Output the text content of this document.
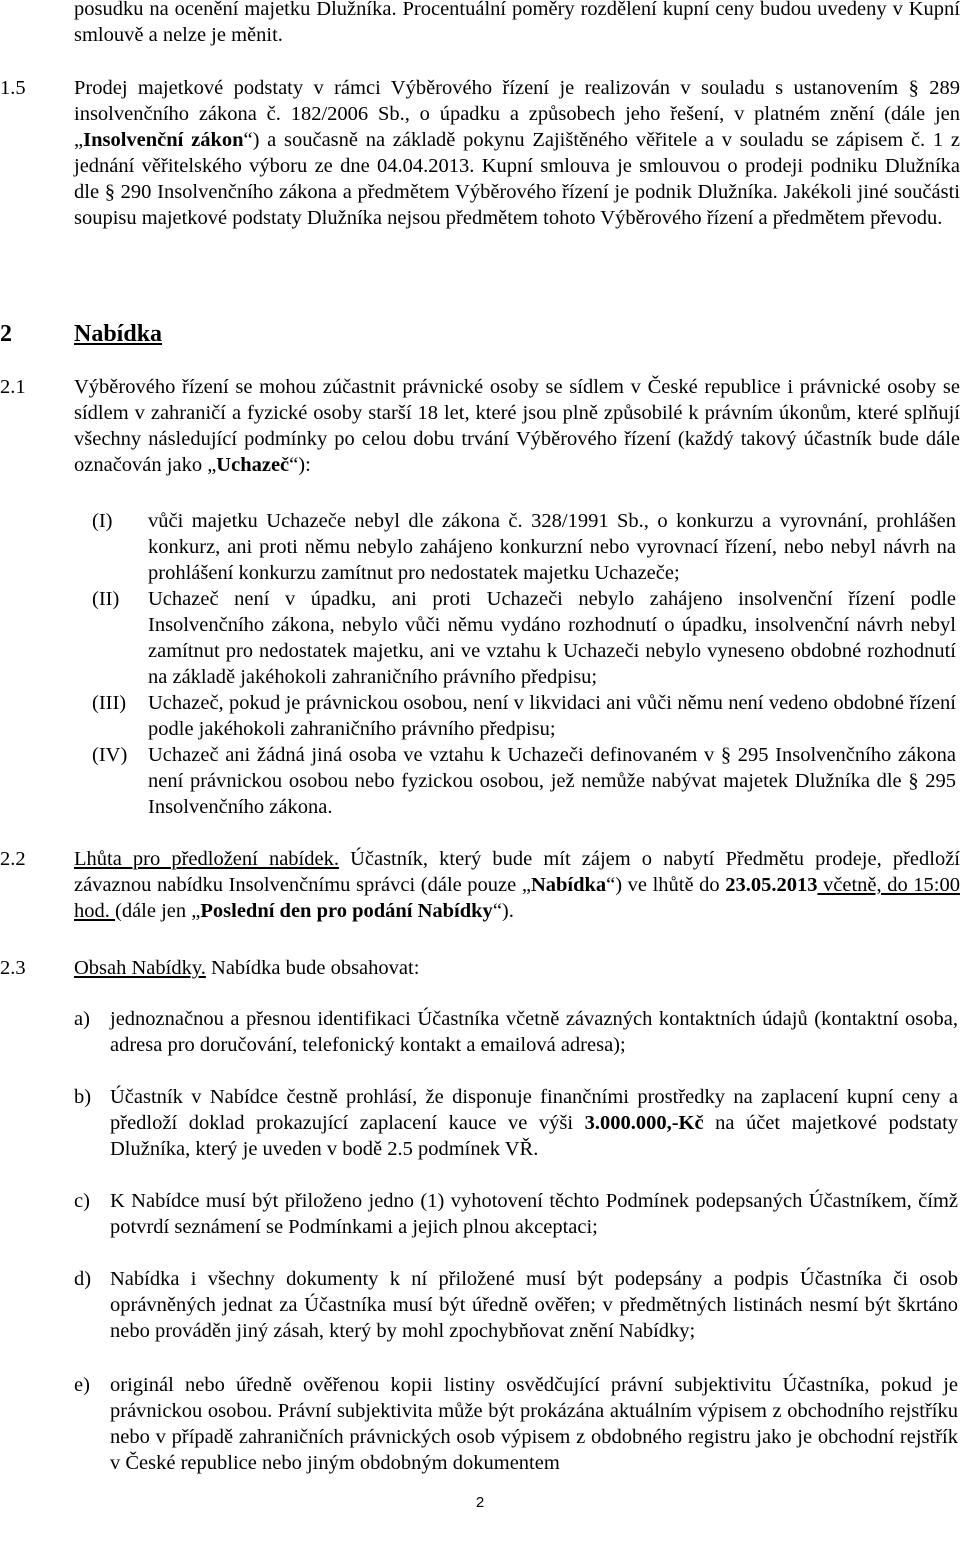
posudku na ocenění majetku Dlužníka. Procentuální poměry rozdělení kupní ceny budou uvedeny v Kupní smlouvě a nelze je měnit.
1.5 Prodej majetkové podstaty v rámci Výběrového řízení je realizován v souladu s ustanovením § 289 insolvenčního zákona č. 182/2006 Sb., o úpadku a způsobech jeho řešení, v platném znění (dále jen „Insolvenční zákon“) a současně na základě pokynu Zajištěného věřitele a v souladu se zápisem č. 1 z jednání věřitelského výboru ze dne 04.04.2013. Kupní smlouva je smlouvou o prodeji podniku Dlužníka dle § 290 Insolvenčního zákona a předmětem Výběrového řízení je podnik Dlužníka. Jakékoli jiné součásti soupisu majetkové podstaty Dlužníka nejsou předmětem tohoto Výběrového řízení a předmětem převodu.
2	Nabídka
2.1 Výběrového řízení se mohou zúčastnit právnické osoby se sídlem v České republice i právnické osoby se sídlem v zahraničí a fyzické osoby starší 18 let, které jsou plně způsobilé k právním úkonům, které splňují všechny následující podmínky po celou dobu trvání Výběrového řízení (každý takový účastník bude dále označován jako „Uchazeč“):
(I)	vůči majetku Uchazeče nebyl dle zákona č. 328/1991 Sb., o konkurzu a vyrovnání, prohlášen konkurz, ani proti němu nebylo zahájeno konkurzní nebo vyrovnací řízení, nebo nebyl návrh na prohlášení konkurzu zamítnut pro nedostatek majetku Uchazeče;
(II)	Uchazeč není v úpadku, ani proti Uchazeči nebylo zahájeno insolvenční řízení podle Insolvenčního zákona, nebylo vůči němu vydáno rozhodnutí o úpadku, insolvenční návrh nebyl zamítnut pro nedostatek majetku, ani ve vztahu k Uchazeči nebylo vyneseno obdobné rozhodnutí na základě jakéhokoli zahraničního právního předpisu;
(III)	Uchazeč, pokud je právnickou osobou, není v likvidaci ani vůči němu není vedeno obdobné řízení podle jakéhokoli zahraničního právního předpisu;
(IV)	Uchazeč ani žádná jiná osoba ve vztahu k Uchazeči definovaném v § 295 Insolvenčního zákona není právnickou osobou nebo fyzickou osobou, jež nemůže nabývat majetek Dlužníka dle § 295 Insolvenčního zákona.
2.2 Lhůta pro předložení nabídek. Účastník, který bude mít zájem o nabytí Předmětu prodeje, předloží závaznou nabídku Insolvenčnímu správci (dále pouze „Nabídka“) ve lhůtě do 23.05.2013 včetně, do 15:00 hod. (dále jen „Poslední den pro podání Nabídky“).
2.3 Obsah Nabídky. Nabídka bude obsahovat:
a) jednoznačnou a přesnou identifikaci Účastníka včetně závazných kontaktních údajů (kontaktní osoba, adresa pro doručování, telefonický kontakt a emailová adresa);
b) Účastník v Nabídce čestně prohlásí, že disponuje finančními prostředky na zaplacení kupní ceny a předloží doklad prokazující zaplacení kauce ve výši 3.000.000,-Kč na účet majetkové podstaty Dlužníka, který je uveden v bodě 2.5 podmínek VŘ.
c) K Nabídce musí být přiloženo jedno (1) vyhotovení těchto Podmínek podepsaných Účastníkem, čímž potvrdí seznámení se Podmínkami a jejich plnou akceptaci;
d) Nabídka i všechny dokumenty k ní přiložené musí být podepsány a podpis Účastníka či osob oprávněných jednat za Účastníka musí být úředně ověřen; v předmětných listinách nesmí být škrtáno nebo prováděn jiný zásah, který by mohl zpochybňovat znění Nabídky;
e) originál nebo úředně ověřenou kopii listiny osvědčující právní subjektivitu Účastníka, pokud je právnickou osobou. Právní subjektivita může být prokázána aktuálním výpisem z obchodního rejstříku nebo v případě zahraničních právnických osob výpisem z obdobného registru jako je obchodní rejstřík v České republice nebo jiným obdobným dokumentem
2
